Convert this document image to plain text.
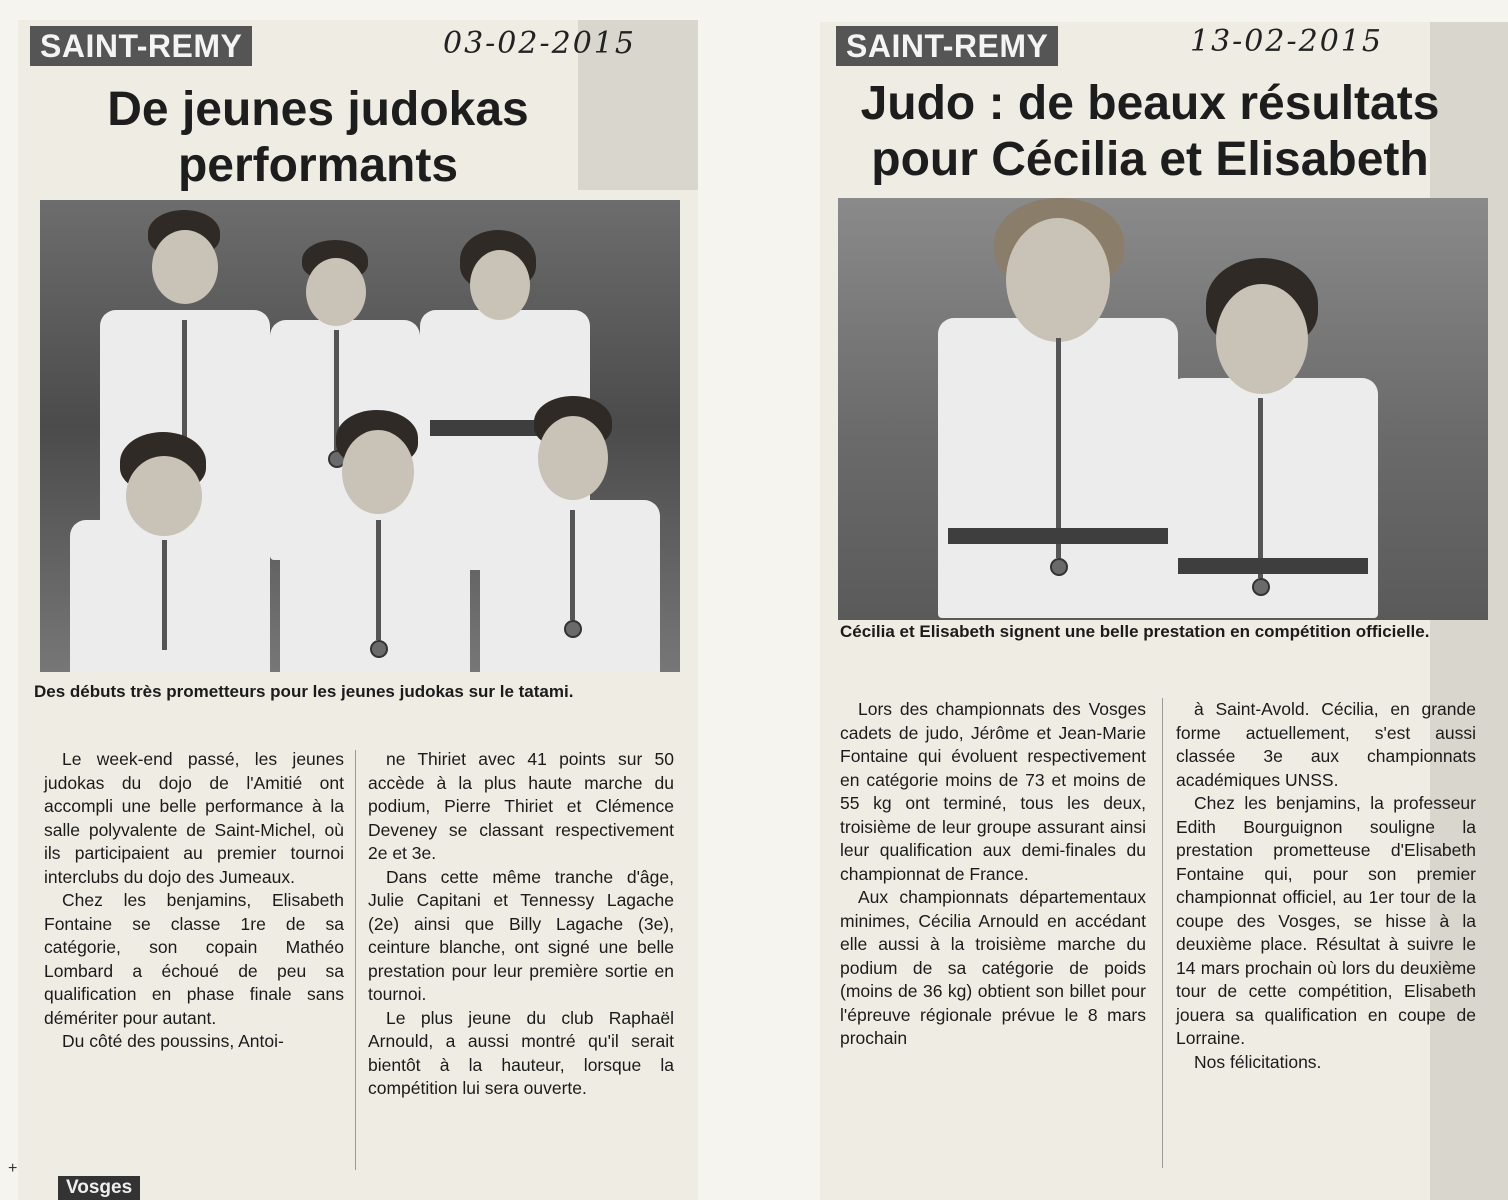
SAINT-REMY	03-02-2015
De jeunes judokas performants

Des débuts très prometteurs pour les jeunes judokas sur le tatami.

Le week-end passé, les jeunes judokas du dojo de l'Amitié ont accompli une belle performance à la salle polyvalente de Saint-Michel, où ils participaient au premier tournoi interclubs du dojo des Jumeaux.

Chez les benjamins, Elisabeth Fontaine se classe 1re de sa catégorie, son copain Mathéo Lombard a échoué de peu sa qualification en phase finale sans démériter pour autant.

Du côté des poussins, Antoi-

ne Thiriet avec 41 points sur 50 accède à la plus haute marche du podium, Pierre Thiriet et Clémence Deveney se classant respectivement 2e et 3e.

Dans cette même tranche d'âge, Julie Capitani et Tennessy Lagache (2e) ainsi que Billy Lagache (3e), ceinture blanche, ont signé une belle prestation pour leur première sortie en tournoi.

Le plus jeune du club Raphaël Arnould, a aussi montré qu'il serait bientôt à la hauteur, lorsque la compétition lui sera ouverte.

Vosges
+
SAINT-REMY	13-02-2015
Judo : de beaux résultats pour Cécilia et Elisabeth

Cécilia et Elisabeth signent une belle prestation en compétition officielle.

Lors des championnats des Vosges cadets de judo, Jérôme et Jean-Marie Fontaine qui évoluent respectivement en catégorie moins de 73 et moins de 55 kg ont terminé, tous les deux, troisième de leur groupe assurant ainsi leur qualification aux demi-finales du championnat de France.

Aux championnats départementaux minimes, Cécilia Arnould en accédant elle aussi à la troisième marche du podium de sa catégorie de poids (moins de 36 kg) obtient son billet pour l'épreuve régionale prévue le 8 mars prochain

à Saint-Avold. Cécilia, en grande forme actuellement, s'est aussi classée 3e aux championnats académiques UNSS.

Chez les benjamins, la professeur Edith Bourguignon souligne la prestation prometteuse d'Elisabeth Fontaine qui, pour son premier championnat officiel, au 1er tour de la coupe des Vosges, se hisse à la deuxième place. Résultat à suivre le 14 mars prochain où lors du deuxième tour de cette compétition, Elisabeth jouera sa qualification en coupe de Lorraine.

Nos félicitations.
